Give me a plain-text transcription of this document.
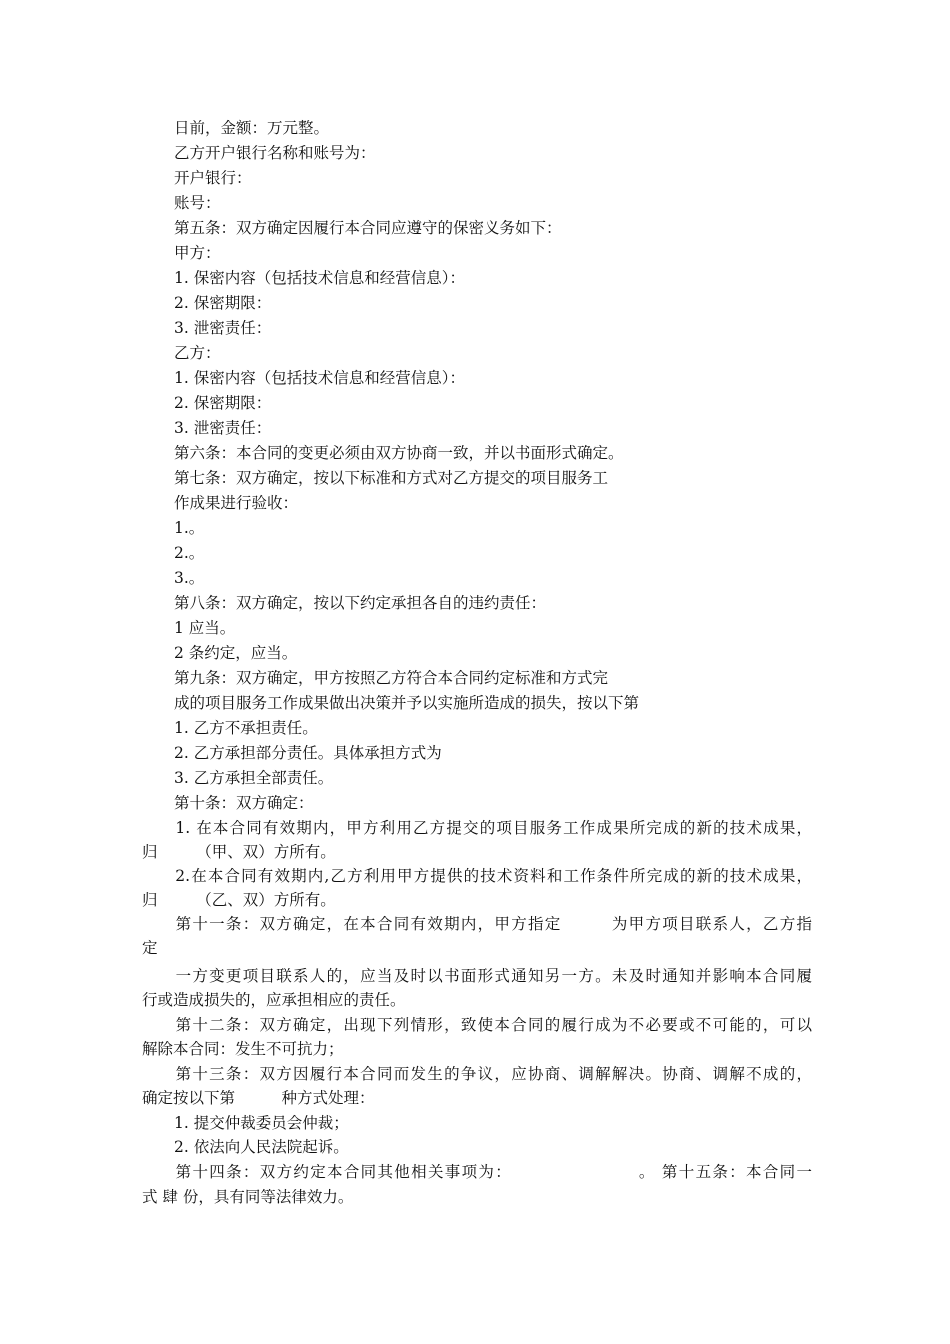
日前，金额：万元整。
乙方开户银行名称和账号为：
开户银行：
账号：
第五条：双方确定因履行本合同应遵守的保密义务如下：
甲方：
1. 保密内容（包括技术信息和经营信息）：
2. 保密期限：
3. 泄密责任：
乙方：
1. 保密内容（包括技术信息和经营信息）：
2. 保密期限：
3. 泄密责任：
第六条：本合同的变更必须由双方协商一致，并以书面形式确定。
第七条：双方确定，按以下标准和方式对乙方提交的项目服务工
作成果进行验收：
1.。
2.。
3.。
第八条：双方确定，按以下约定承担各自的违约责任：
1 应当。
2 条约定，应当。
第九条：双方确定，甲方按照乙方符合本合同约定标准和方式完
成的项目服务工作成果做出决策并予以实施所造成的损失，按以下第
1. 乙方不承担责任。
2. 乙方承担部分责任。具体承担方式为
3. 乙方承担全部责任。
第十条：双方确定：
　　1. 在本合同有效期内，甲方利用乙方提交的项目服务工作成果所完成的新的技术成果，
归　　　（甲、双）方所有。
　　2.在本合同有效期内,乙方利用甲方提供的技术资料和工作条件所完成的新的技术成果，
归　　　（乙、双）方所有。
　　第十一条：双方确定，在本合同有效期内，甲方指定　　　为甲方项目联系人，乙方指
定
　　一方变更项目联系人的，应当及时以书面形式通知另一方。未及时通知并影响本合同履
行或造成损失的，应承担相应的责任。
　　第十二条：双方确定，出现下列情形，致使本合同的履行成为不必要或不可能的，可以
解除本合同：发生不可抗力；
　　第十三条：双方因履行本合同而发生的争议，应协商、调解解决。协商、调解不成的，
确定按以下第　　　种方式处理：
1. 提交仲裁委员会仲裁；
2. 依法向人民法院起诉。
　　第十四条：双方约定本合同其他相关事项为：　　　　　　　　。 第十五条：本合同一
式 肆 份，具有同等法律效力。
